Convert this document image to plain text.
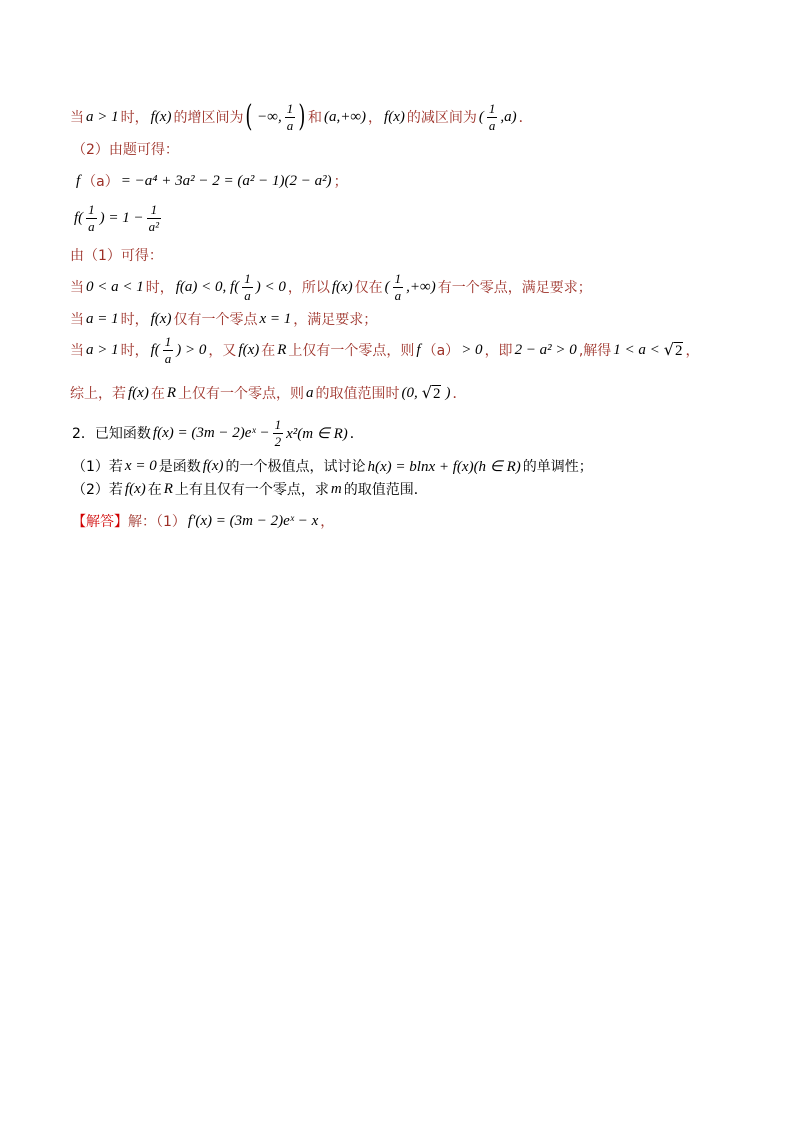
当 a > 1 时， f(x) 的增区间为 ( −∞, $\frac{1}{a}$ ) 和 (a,+∞) ， f(x) 的减区间为 ( $\frac{1}{a} ,a$) ．
（2）由题可得：
f （a） = −a⁴ + 3a² − 2 = (a² − 1)(2 − a²) ；
$f( \frac{1}{a}$ ) = $1 - \frac{1}{\text{a²}}$
由（1）可得：
当 0 < a < 1 时， f(a) < 0, $f( \frac{1}{a}$ ) < 0 ，所以 f(x) 仅在 ( $\frac{1}{a}$ ,+∞) 有一个零点，满足要求；
当 a = 1 时， f(x) 仅有一个零点 x = 1 ，满足要求；
当 a > 1 时， $f( \frac{1}{a}$ ) > 0 ，又 f(x) 在 R 上仅有一个零点，则 f （a） > 0 ，即 2 − a² > 0 ,解得 1 < a < √ 2 ，
综上，若 f(x) 在 R 上仅有一个零点，则 a 的取值范围时 (0, √ 2 ) ．
2．已知函数 f(x) = (3m − 2)eˣ − $\frac{1}{2} x^2(m$ ∈ R) ．
（1）若 x = 0 是函数 f(x) 的一个极值点，试讨论 h(x) = blnx + f(x)(h ∈ R) 的单调性；
（2）若 f(x) 在 R 上有且仅有一个零点，求 m 的取值范围．
【解答】 解：（1） f′(x) = (3m − 2)eˣ − x ，
